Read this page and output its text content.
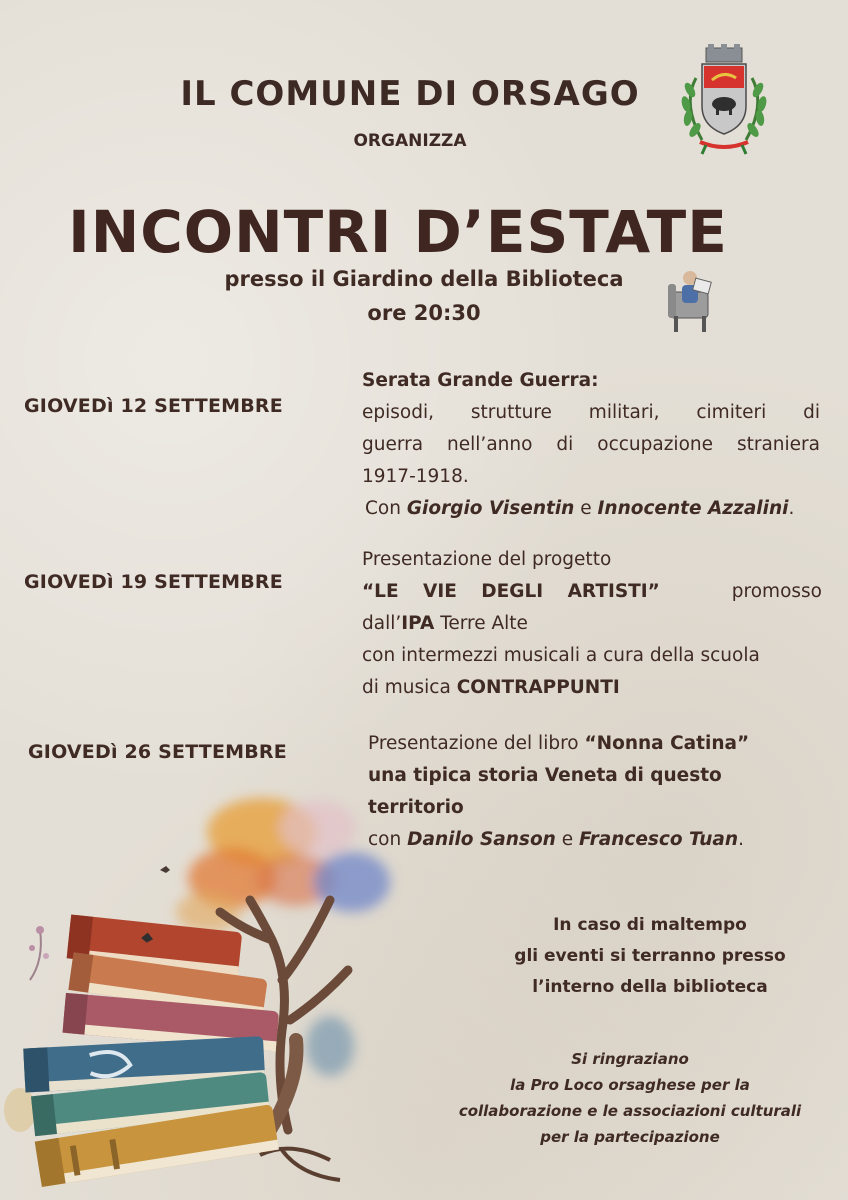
IL COMUNE DI ORSAGO
ORGANIZZA
INCONTRI D’ESTATE
presso il Giardino della Biblioteca
ore 20:30
GIOVEDì 12 SETTEMBRE
Serata Grande Guerra:
episodi, strutture militari, cimiteri di
guerra nell’anno di occupazione straniera
1917-1918.
Con Giorgio Visentin e Innocente Azzalini.
GIOVEDì 19 SETTEMBRE
Presentazione del progetto
“LE VIE DEGLI ARTISTI”	promosso
dall’IPA Terre Alte
con intermezzi musicali a cura della scuola
di musica CONTRAPPUNTI
GIOVEDì 26 SETTEMBRE	Presentazione del libro “Nonna Catina”
una tipica storia Veneta di questo
territorio
con Danilo Sanson e Francesco Tuan.
In caso di maltempo
gli eventi si terranno presso
l’interno della biblioteca
Si ringraziano
la Pro Loco orsaghese per la
collaborazione e le associazioni culturali
per la partecipazione
